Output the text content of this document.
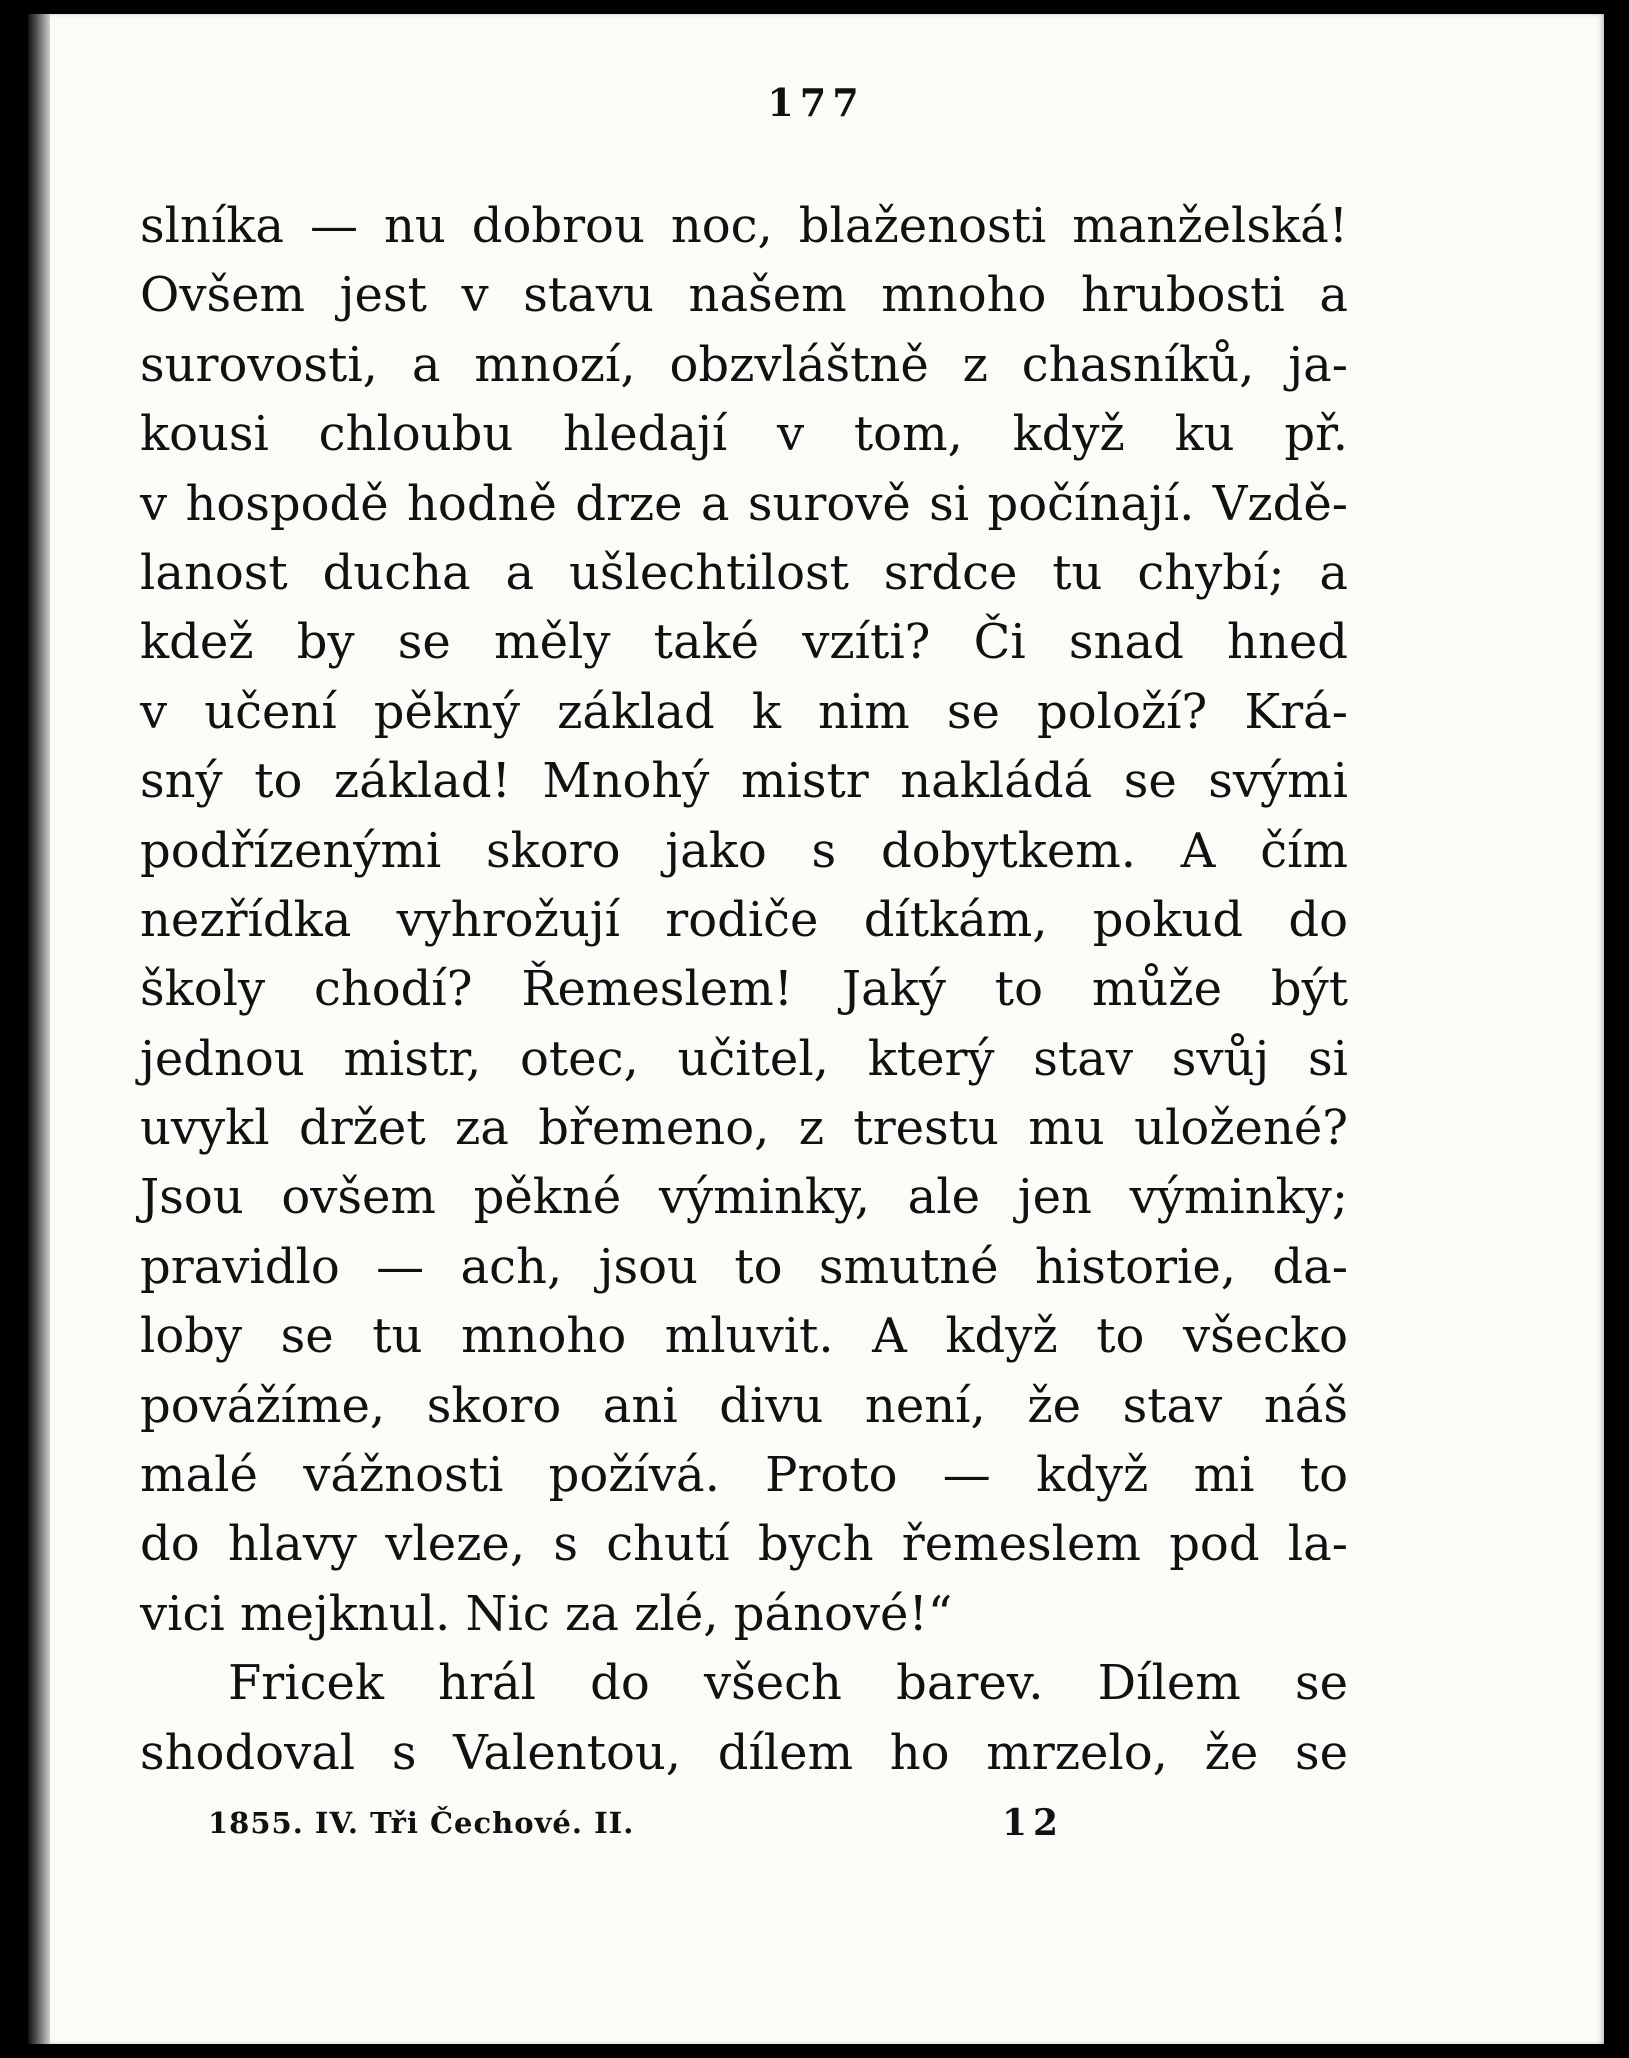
177
slníka — nu dobrou noc, blaženosti manželská!
Ovšem jest v stavu našem mnoho hrubosti a
surovosti, a mnozí, obzvláštně z chasníků, ja-
kousi chloubu hledají v tom, když ku př.
v hospodě hodně drze a surově si počínají. Vzdě-
lanost ducha a ušlechtilost srdce tu chybí; a
kdež by se měly také vzíti? Či snad hned
v učení pěkný základ k nim se položí? Krá-
sný to základ! Mnohý mistr nakládá se svými
podřízenými skoro jako s dobytkem. A čím
nezřídka vyhrožují rodiče dítkám, pokud do
školy chodí? Řemeslem! Jaký to může být
jednou mistr, otec, učitel, který stav svůj si
uvykl držet za břemeno, z trestu mu uložené?
Jsou ovšem pěkné výminky, ale jen výminky;
pravidlo — ach, jsou to smutné historie, da-
loby se tu mnoho mluvit. A když to všecko
povážíme, skoro ani divu není, že stav náš
malé vážnosti požívá. Proto — když mi to
do hlavy vleze, s chutí bych řemeslem pod la-
vici mejknul. Nic za zlé, pánové!“
Fricek hrál do všech barev. Dílem se
shodoval s Valentou, dílem ho mrzelo, že se
1855. IV. Tři Čechové. II.	12
